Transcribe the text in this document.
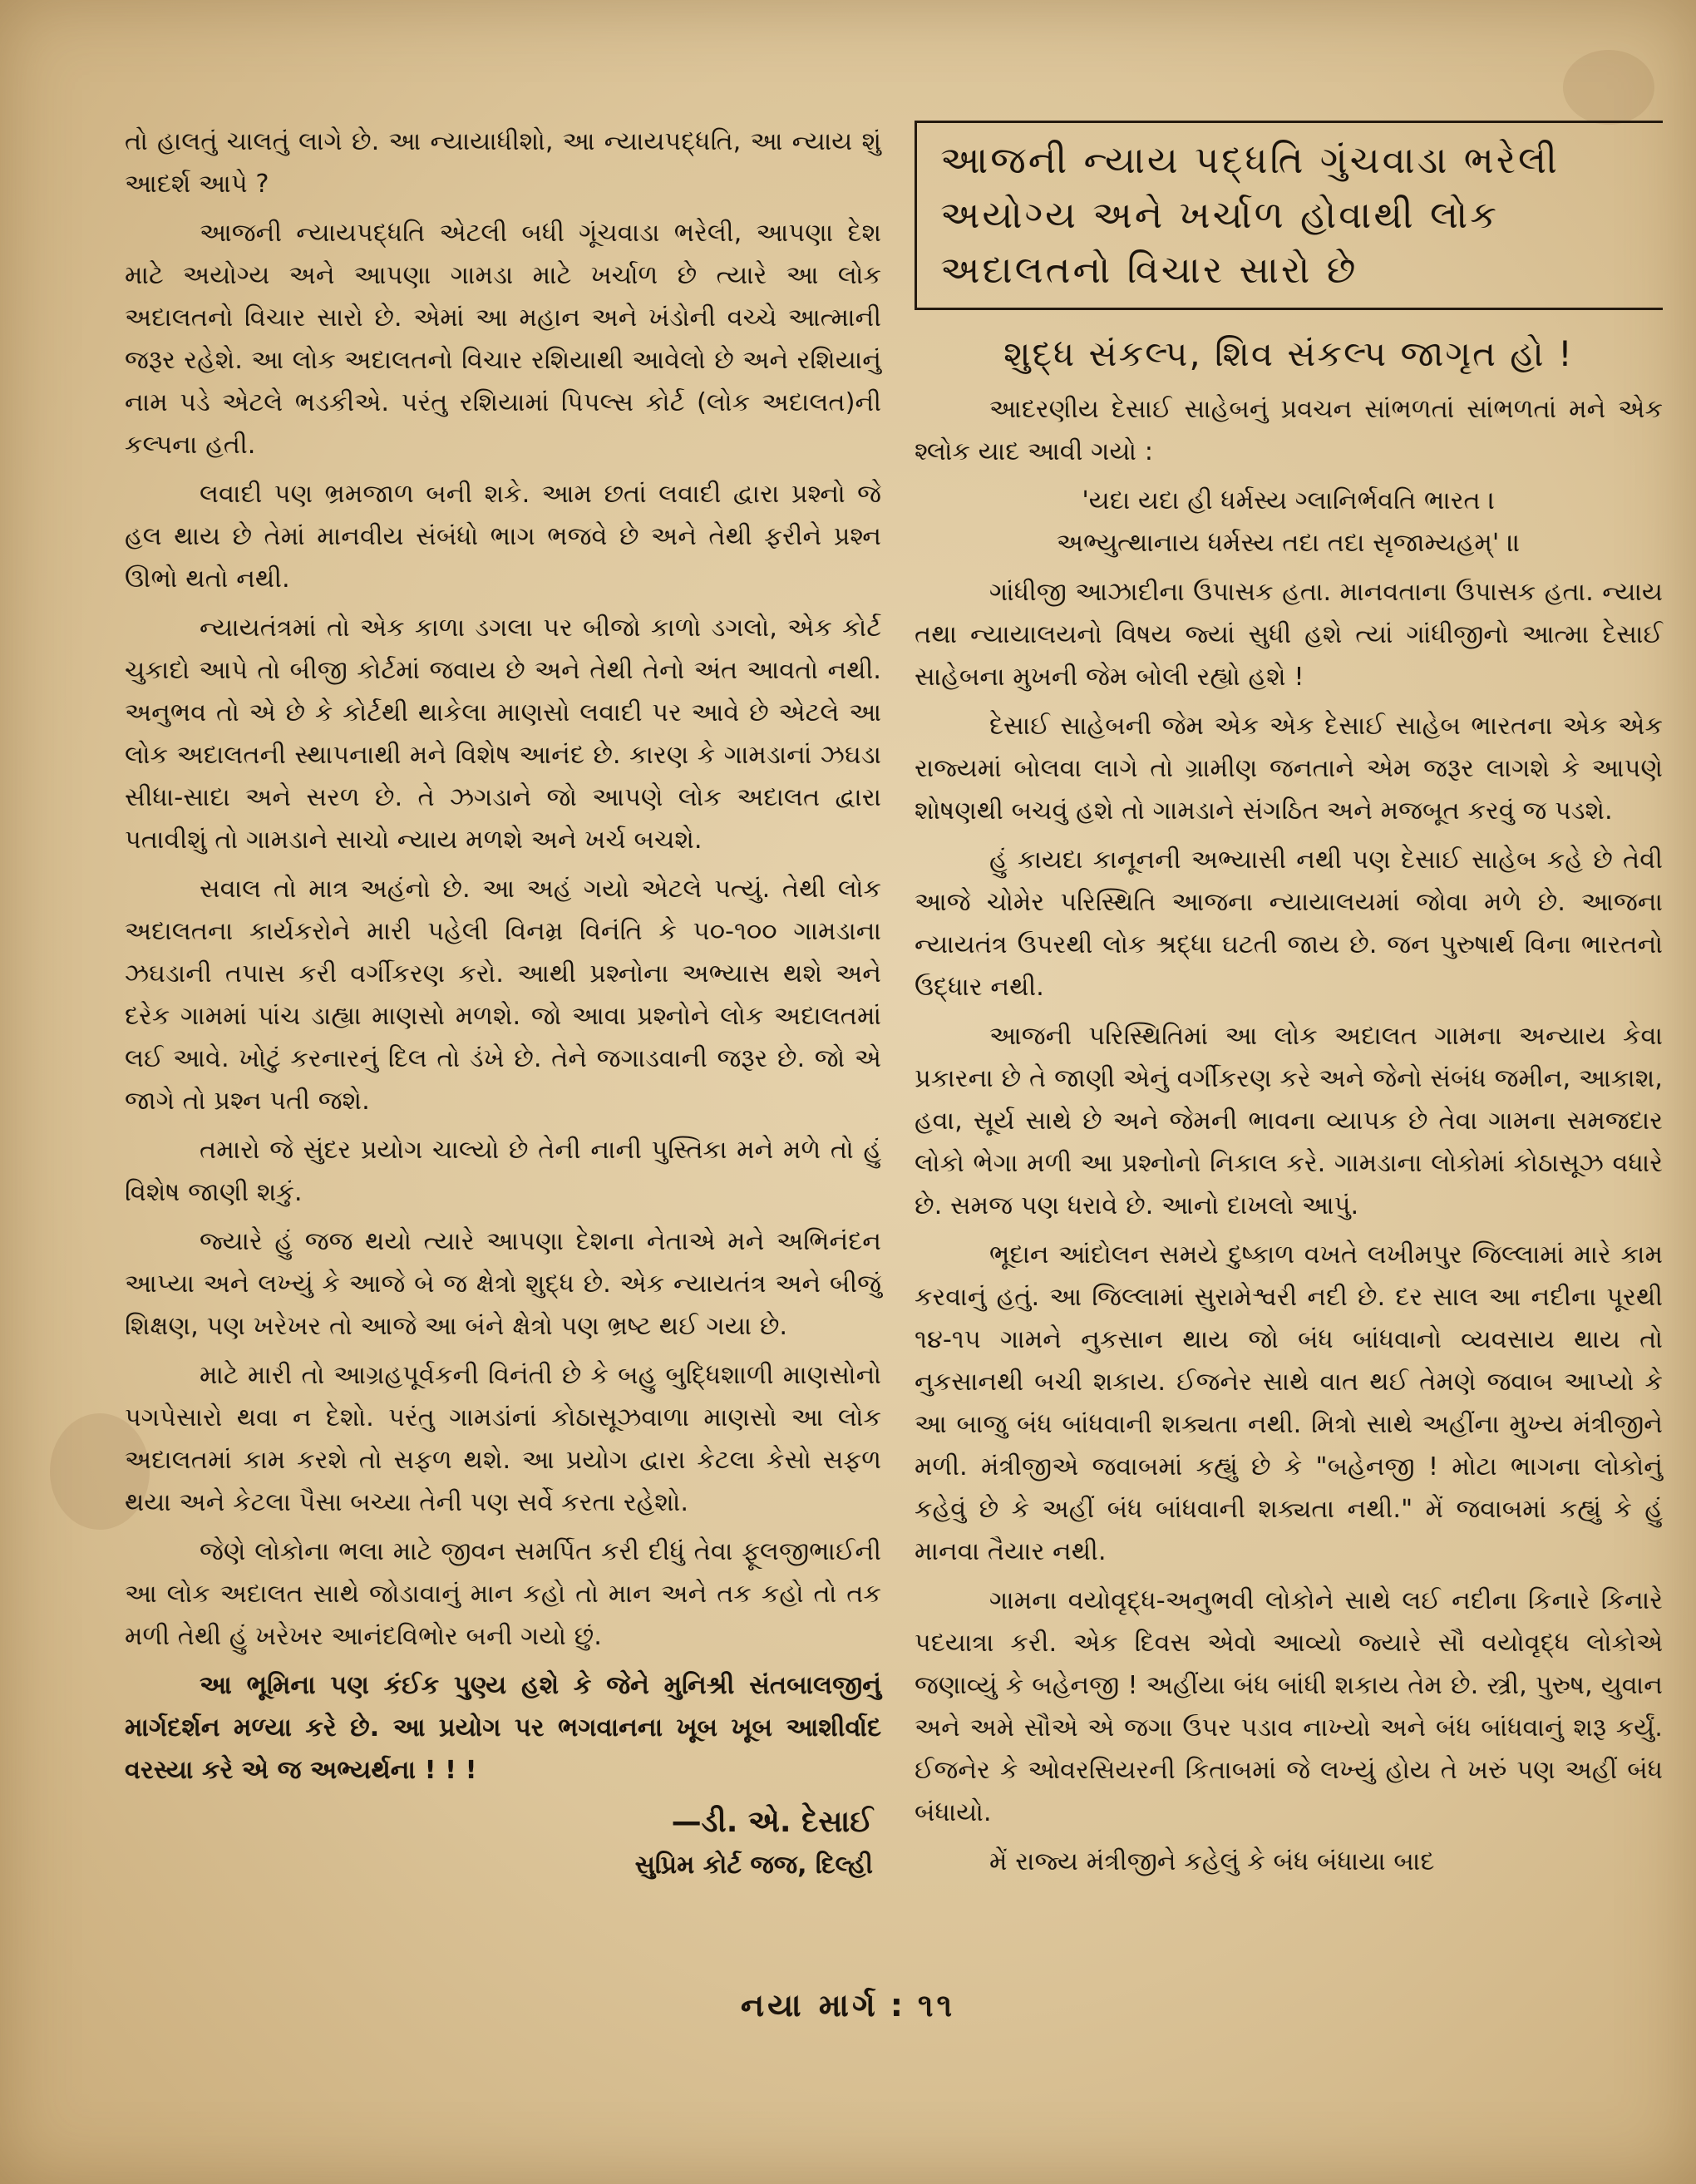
તો હાલતું ચાલતું લાગે છે. આ ન્યાયાધીશો, આ ન્યાયપદ્ધતિ, આ ન્યાય શું આદર્શ આપે ?

આજની ન્યાયપદ્ધતિ એટલી બધી ગૂંચવાડા ભરેલી, આપણા દેશ માટે અયોગ્ય અને આપણા ગામડા માટે ખર્ચાળ છે ત્યારે આ લોક અદાલતનો વિચાર સારો છે. એમાં આ મહાન અને ખંડોની વચ્ચે આત્માની જરૂર રહેશે. આ લોક અદાલતનો વિચાર રશિયાથી આવેલો છે અને રશિયાનું નામ પડે એટલે ભડકીએ. પરંતુ રશિયામાં પિપલ્સ કોર્ટ (લોક અદાલત)ની કલ્પના હતી.

લવાદી પણ ભ્રમજાળ બની શકે. આમ છતાં લવાદી દ્વારા પ્રશ્નો જે હલ થાય છે તેમાં માનવીય સંબંધો ભાગ ભજવે છે અને તેથી ફરીને પ્રશ્ન ઊભો થતો નથી.

ન્યાયતંત્રમાં તો એક કાળા ડગલા પર બીજો કાળો ડગલો, એક કોર્ટ ચુકાદો આપે તો બીજી કોર્ટમાં જવાય છે અને તેથી તેનો અંત આવતો નથી. અનુભવ તો એ છે કે કોર્ટથી થાકેલા માણસો લવાદી પર આવે છે એટલે આ લોક અદાલતની સ્થાપનાથી મને વિશેષ આનંદ છે. કારણ કે ગામડાનાં ઝઘડા સીધા-સાદા અને સરળ છે. તે ઝગડાને જો આપણે લોક અદાલત દ્વારા પતાવીશું તો ગામડાને સાચો ન્યાય મળશે અને ખર્ચ બચશે.

સવાલ તો માત્ર અહંનો છે. આ અહં ગયો એટલે પત્યું. તેથી લોક અદાલતના કાર્યકરોને મારી પહેલી વિનમ્ર વિનંતિ કે ૫૦-૧૦૦ ગામડાના ઝઘડાની તપાસ કરી વર્ગીકરણ કરો. આથી પ્રશ્નોના અભ્યાસ થશે અને દરેક ગામમાં પાંચ ડાહ્યા માણસો મળશે. જો આવા પ્રશ્નોને લોક અદાલતમાં લઈ આવે. ખોટું કરનારનું દિલ તો ડંખે છે. તેને જગાડવાની જરૂર છે. જો એ જાગે તો પ્રશ્ન પતી જશે.

તમારો જે સુંદર પ્રયોગ ચાલ્યો છે તેની નાની પુસ્તિકા મને મળે તો હું વિશેષ જાણી શકું.

જ્યારે હું જજ થયો ત્યારે આપણા દેશના નેતાએ મને અભિનંદન આપ્યા અને લખ્યું કે આજે બે જ ક્ષેત્રો શુદ્ધ છે. એક ન્યાયતંત્ર અને બીજું શિક્ષણ, પણ ખરેખર તો આજે આ બંને ક્ષેત્રો પણ ભ્રષ્ટ થઈ ગયા છે.

માટે મારી તો આગ્રહપૂર્વકની વિનંતી છે કે બહુ બુદ્ધિશાળી માણસોનો પગપેસારો થવા ન દેશો. પરંતુ ગામડાંનાં કોઠાસૂઝવાળા માણસો આ લોક અદાલતમાં કામ કરશે તો સફળ થશે. આ પ્રયોગ દ્વારા કેટલા કેસો સફળ થયા અને કેટલા પૈસા બચ્યા તેની પણ સર્વે કરતા રહેશો.

જેણે લોકોના ભલા માટે જીવન સમર્પિત કરી દીધું તેવા ફૂલજીભાઈની આ લોક અદાલત સાથે જોડાવાનું માન કહો તો માન અને તક કહો તો તક મળી તેથી હું ખરેખર આનંદવિભોર બની ગયો છું.

આ ભૂમિના પણ કંઈક પુણ્ય હશે કે જેને મુનિશ્રી સંતબાલજીનું માર્ગદર્શન મળ્યા કરે છે. આ પ્રયોગ પર ભગવાનના ખૂબ ખૂબ આશીર્વાદ વરસ્યા કરે એ જ અભ્યર્થના ! ! !

—ડી. એ. દેસાઈ
સુપ્રિમ કોર્ટ જજ, દિલ્હી

આજની ન્યાય પદ્ધતિ ગુંચવાડા ભરેલી અયોગ્ય અને ખર્ચાળ હોવાથી લોક અદાલતનો વિચાર સારો છે

શુદ્ધ સંકલ્પ, શિવ સંકલ્પ જાગૃત હો !

આદરણીય દેસાઈ સાહેબનું પ્રવચન સાંભળતાં સાંભળતાં મને એક શ્લોક યાદ આવી ગયો :

'યદા યદા હી ધર્મસ્ય ગ્લાનિર્ભવતિ ભારત ।

અભ્યુત્થાનાય ધર્મસ્ય તદા તદા સૃજામ્યહમ્' ॥

ગાંધીજી આઝાદીના ઉપાસક હતા. માનવતાના ઉપાસક હતા. ન્યાય તથા ન્યાયાલયનો વિષય જ્યાં સુધી હશે ત્યાં ગાંધીજીનો આત્મા દેસાઈ સાહેબના મુખની જેમ બોલી રહ્યો હશે !

દેસાઈ સાહેબની જેમ એક એક દેસાઈ સાહેબ ભારતના એક એક રાજ્યમાં બોલવા લાગે તો ગ્રામીણ જનતાને એમ જરૂર લાગશે કે આપણે શોષણથી બચવું હશે તો ગામડાને સંગઠિત અને મજબૂત કરવું જ પડશે.

હું કાયદા કાનૂનની અભ્યાસી નથી પણ દેસાઈ સાહેબ કહે છે તેવી આજે ચોમેર પરિસ્થિતિ આજના ન્યાયાલયમાં જોવા મળે છે. આજના ન્યાયતંત્ર ઉપરથી લોક શ્રદ્ધા ઘટતી જાય છે. જન પુરુષાર્થ વિના ભારતનો ઉદ્ધાર નથી.

આજની પરિસ્થિતિમાં આ લોક અદાલત ગામના અન્યાય કેવા પ્રકારના છે તે જાણી એનું વર્ગીકરણ કરે અને જેનો સંબંધ જમીન, આકાશ, હવા, સૂર્ય સાથે છે અને જેમની ભાવના વ્યાપક છે તેવા ગામના સમજદાર લોકો ભેગા મળી આ પ્રશ્નોનો નિકાલ કરે. ગામડાના લોકોમાં કોઠાસૂઝ વધારે છે. સમજ પણ ધરાવે છે. આનો દાખલો આપું.

ભૂદાન આંદોલન સમયે દુષ્કાળ વખતે લખીમપુર જિલ્લામાં મારે કામ કરવાનું હતું. આ જિલ્લામાં સુરામેશ્વરી નદી છે. દર સાલ આ નદીના પૂરથી ૧૪-૧૫ ગામને નુકસાન થાય જો બંધ બાંધવાનો વ્યવસાય થાય તો નુકસાનથી બચી શકાય. ઈજનેર સાથે વાત થઈ તેમણે જવાબ આપ્યો કે આ બાજુ બંધ બાંધવાની શક્યતા નથી. મિત્રો સાથે અહીંના મુખ્ય મંત્રીજીને મળી. મંત્રીજીએ જવાબમાં કહ્યું છે કે "બહેનજી ! મોટા ભાગના લોકોનું કહેવું છે કે અહીં બંધ બાંધવાની શક્યતા નથી." મેં જવાબમાં કહ્યું કે હું માનવા તૈયાર નથી.

ગામના વયોવૃદ્ધ-અનુભવી લોકોને સાથે લઈ નદીના કિનારે કિનારે પદયાત્રા કરી. એક દિવસ એવો આવ્યો જ્યારે સૌ વયોવૃદ્ધ લોકોએ જણાવ્યું કે બહેનજી ! અહીંયા બંધ બાંધી શકાય તેમ છે. સ્ત્રી, પુરુષ, યુવાન અને અમે સૌએ એ જગા ઉપર પડાવ નાખ્યો અને બંધ બાંધવાનું શરૂ કર્યું. ઈજનેર કે ઓવરસિયરની કિતાબમાં જે લખ્યું હોય તે ખરું પણ અહીં બંધ બંધાયો.

મેં રાજ્ય મંત્રીજીને કહેલું કે બંધ બંધાયા બાદ

નયા માર્ગ : ૧૧
